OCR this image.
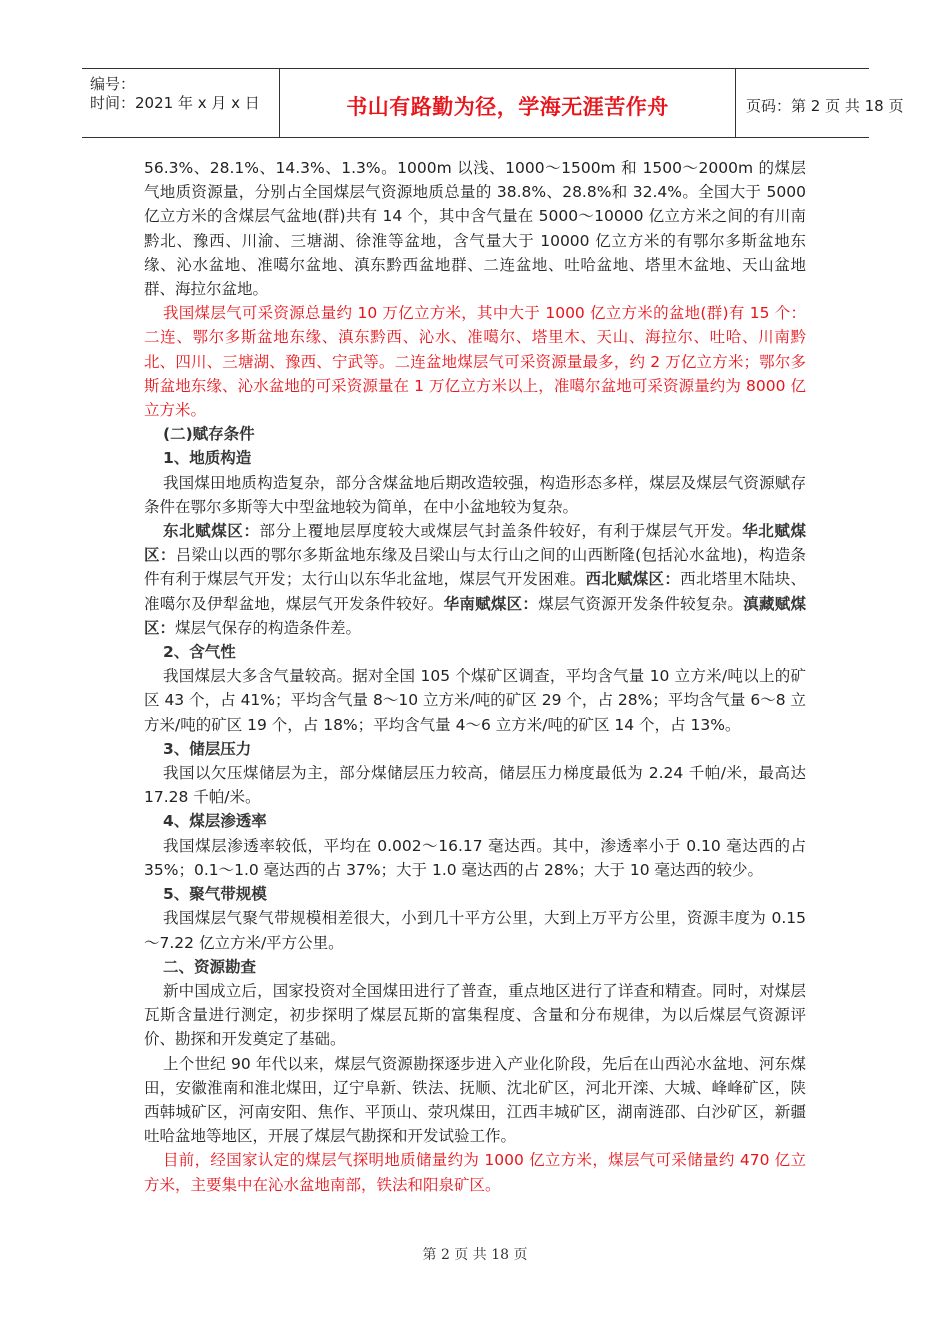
编号：
时间：2021 年 x 月 x 日	书山有路勤为径，学海无涯苦作舟	页码：第 2 页 共 18 页

56.3%、28.1%、14.3%、1.3%。1000m 以浅、1000～1500m 和 1500～2000m 的煤层气地质资源量，分别占全国煤层气资源地质总量的 38.8%、28.8%和 32.4%。全国大于 5000 亿立方米的含煤层气盆地(群)共有 14 个，其中含气量在 5000～10000 亿立方米之间的有川南黔北、豫西、川渝、三塘湖、徐淮等盆地，含气量大于 10000 亿立方米的有鄂尔多斯盆地东缘、沁水盆地、准噶尔盆地、滇东黔西盆地群、二连盆地、吐哈盆地、塔里木盆地、天山盆地群、海拉尔盆地。

我国煤层气可采资源总量约 10 万亿立方米，其中大于 1000 亿立方米的盆地(群)有 15 个：二连、鄂尔多斯盆地东缘、滇东黔西、沁水、准噶尔、塔里木、天山、海拉尔、吐哈、川南黔北、四川、三塘湖、豫西、宁武等。二连盆地煤层气可采资源量最多，约 2 万亿立方米；鄂尔多斯盆地东缘、沁水盆地的可采资源量在 1 万亿立方米以上，准噶尔盆地可采资源量约为 8000 亿立方米。

(二)赋存条件
1、地质构造

我国煤田地质构造复杂，部分含煤盆地后期改造较强，构造形态多样，煤层及煤层气资源赋存条件在鄂尔多斯等大中型盆地较为简单，在中小盆地较为复杂。

东北赋煤区：部分上覆地层厚度较大或煤层气封盖条件较好，有利于煤层气开发。华北赋煤区：吕梁山以西的鄂尔多斯盆地东缘及吕梁山与太行山之间的山西断隆(包括沁水盆地)，构造条件有利于煤层气开发；太行山以东华北盆地，煤层气开发困难。西北赋煤区：西北塔里木陆块、准噶尔及伊犁盆地，煤层气开发条件较好。华南赋煤区：煤层气资源开发条件较复杂。滇藏赋煤区：煤层气保存的构造条件差。

2、含气性

我国煤层大多含气量较高。据对全国 105 个煤矿区调查，平均含气量 10 立方米/吨以上的矿区 43 个，占 41%；平均含气量 8～10 立方米/吨的矿区 29 个，占 28%；平均含气量 6～8 立方米/吨的矿区 19 个，占 18%；平均含气量 4～6 立方米/吨的矿区 14 个，占 13%。

3、储层压力

我国以欠压煤储层为主，部分煤储层压力较高，储层压力梯度最低为 2.24 千帕/米，最高达 17.28 千帕/米。

4、煤层渗透率

我国煤层渗透率较低，平均在 0.002～16.17 毫达西。其中，渗透率小于 0.10 毫达西的占 35%；0.1～1.0 毫达西的占 37%；大于 1.0 毫达西的占 28%；大于 10 毫达西的较少。

5、聚气带规模

我国煤层气聚气带规模相差很大，小到几十平方公里，大到上万平方公里，资源丰度为 0.15～7.22 亿立方米/平方公里。

二、资源勘查

新中国成立后，国家投资对全国煤田进行了普查，重点地区进行了详查和精查。同时，对煤层瓦斯含量进行测定，初步探明了煤层瓦斯的富集程度、含量和分布规律，为以后煤层气资源评价、勘探和开发奠定了基础。

上个世纪 90 年代以来，煤层气资源勘探逐步进入产业化阶段，先后在山西沁水盆地、河东煤田，安徽淮南和淮北煤田，辽宁阜新、铁法、抚顺、沈北矿区，河北开滦、大城、峰峰矿区，陕西韩城矿区，河南安阳、焦作、平顶山、荥巩煤田，江西丰城矿区，湖南涟邵、白沙矿区，新疆吐哈盆地等地区，开展了煤层气勘探和开发试验工作。

目前，经国家认定的煤层气探明地质储量约为 1000 亿立方米，煤层气可采储量约 470 亿立方米，主要集中在沁水盆地南部，铁法和阳泉矿区。

第 2 页 共 18 页
